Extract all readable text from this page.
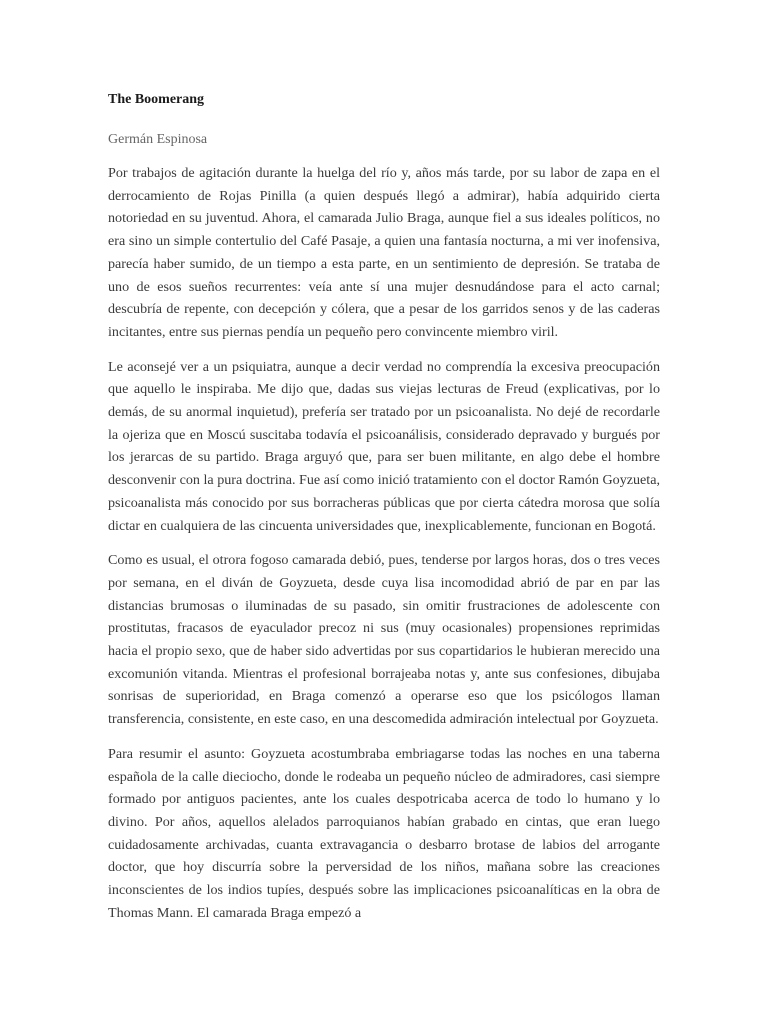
The Boomerang
Germán Espinosa

Por trabajos de agitación durante la huelga del río y, años más tarde, por su labor de zapa en el derrocamiento de Rojas Pinilla (a quien después llegó a admirar), había adquirido cierta notoriedad en su juventud. Ahora, el camarada Julio Braga, aunque fiel a sus ideales políticos, no era sino un simple contertulio del Café Pasaje, a quien una fantasía nocturna, a mi ver inofensiva, parecía haber sumido, de un tiempo a esta parte, en un sentimiento de depresión. Se trataba de uno de esos sueños recurrentes: veía ante sí una mujer desnudándose para el acto carnal; descubría de repente, con decepción y cólera, que a pesar de los garridos senos y de las caderas incitantes, entre sus piernas pendía un pequeño pero convincente miembro viril.

Le aconsejé ver a un psiquiatra, aunque a decir verdad no comprendía la excesiva preocupación que aquello le inspiraba. Me dijo que, dadas sus viejas lecturas de Freud (explicativas, por lo demás, de su anormal inquietud), prefería ser tratado por un psicoanalista. No dejé de recordarle la ojeriza que en Moscú suscitaba todavía el psicoanálisis, considerado depravado y burgués por los jerarcas de su partido. Braga arguyó que, para ser buen militante, en algo debe el hombre desconvenir con la pura doctrina. Fue así como inició tratamiento con el doctor Ramón Goyzueta, psicoanalista más conocido por sus borracheras públicas que por cierta cátedra morosa que solía dictar en cualquiera de las cincuenta universidades que, inexplicablemente, funcionan en Bogotá.

Como es usual, el otrora fogoso camarada debió, pues, tenderse por largos horas, dos o tres veces por semana, en el diván de Goyzueta, desde cuya lisa incomodidad abrió de par en par las distancias brumosas o iluminadas de su pasado, sin omitir frustraciones de adolescente con prostitutas, fracasos de eyaculador precoz ni sus (muy ocasionales) propensiones reprimidas hacia el propio sexo, que de haber sido advertidas por sus copartidarios le hubieran merecido una excomunión vitanda. Mientras el profesional borrajeaba notas y, ante sus confesiones, dibujaba sonrisas de superioridad, en Braga comenzó a operarse eso que los psicólogos llaman transferencia, consistente, en este caso, en una descomedida admiración intelectual por Goyzueta.

Para resumir el asunto: Goyzueta acostumbraba embriagarse todas las noches en una taberna española de la calle dieciocho, donde le rodeaba un pequeño núcleo de admiradores, casi siempre formado por antiguos pacientes, ante los cuales despotricaba acerca de todo lo humano y lo divino. Por años, aquellos alelados parroquianos habían grabado en cintas, que eran luego cuidadosamente archivadas, cuanta extravagancia o desbarro brotase de labios del arrogante doctor, que hoy discurría sobre la perversidad de los niños, mañana sobre las creaciones inconscientes de los indios tupíes, después sobre las implicaciones psicoanalíticas en la obra de Thomas Mann. El camarada Braga empezó a
